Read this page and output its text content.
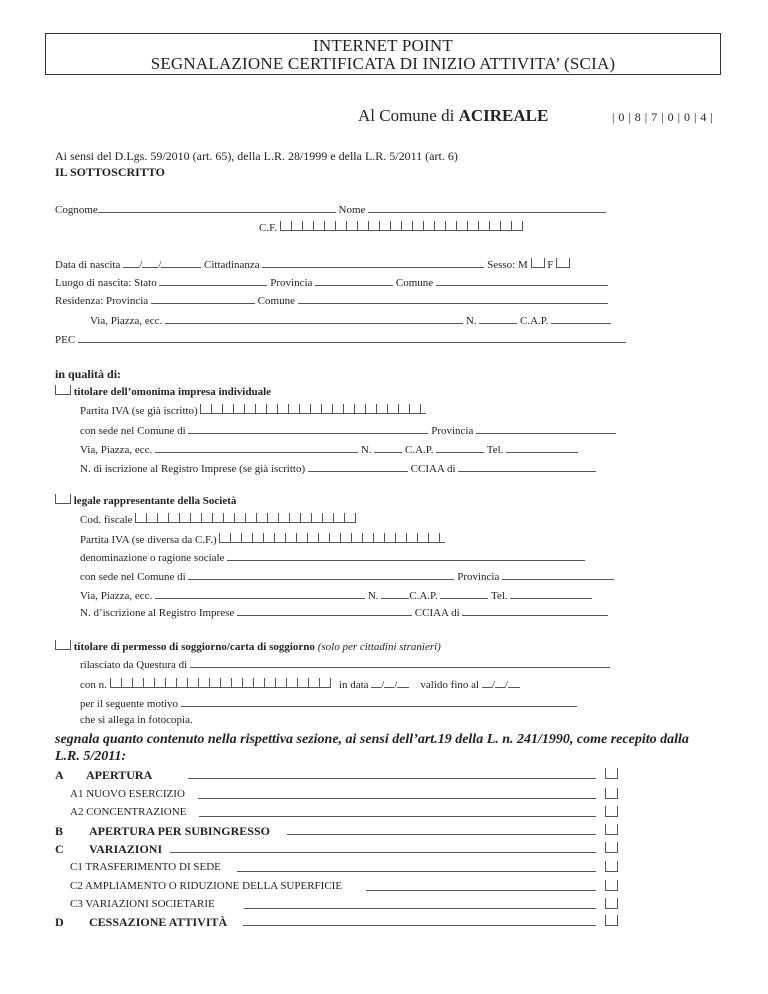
INTERNET POINT
SEGNALAZIONE CERTIFICATA DI INIZIO ATTIVITA’ (SCIA)
Al Comune di ACIREALE	| 0 | 8 | 7 | 0 | 0 | 4 |
Ai sensi del D.Lgs. 59/2010 (art. 65), della L.R. 28/1999 e della L.R. 5/2011 (art. 6)
IL SOTTOSCRITTO
Cognome	Nome
C.F.
Data di nascita / /	Cittadinanza	Sesso: M F
Luogo di nascita: Stato	Provincia	Comune
Residenza: Provincia	Comune
Via, Piazza, ecc.	N.	C.A.P.
PEC
in qualità di:
titolare dell’omonima impresa individuale
Partita IVA (se già iscritto)
con sede nel Comune di	Provincia
Via, Piazza, ecc.	N.	C.A.P.	Tel.
N. di iscrizione al Registro Imprese (se già iscritto)	CCIAA di
legale rappresentante della Società
Cod. fiscale
Partita IVA (se diversa da C.F.)
denominazione o ragione sociale
con sede nel Comune di	Provincia
Via, Piazza, ecc.	N.	C.A.P.	Tel.
N. d’iscrizione al Registro Imprese	CCIAA di
titolare di permesso di soggiorno/carta di soggiorno (solo per cittadini stranieri)
rilasciato da Questura di
con n.	in data / / valido fino al / /
per il seguente motivo
che si allega in fotocopia.
segnala quanto contenuto nella rispettiva sezione, ai sensi dell’art.19 della L. n. 241/1990, come recepito dalla
L.R. 5/2011:
A APERTURA
A1 NUOVO ESERCIZIO
A2 CONCENTRAZIONE
B APERTURA PER SUBINGRESSO
C VARIAZIONI
C1 TRASFERIMENTO DI SEDE
C2 AMPLIAMENTO O RIDUZIONE DELLA SUPERFICIE
C3 VARIAZIONI SOCIETARIE
D CESSAZIONE ATTIVITÀ
